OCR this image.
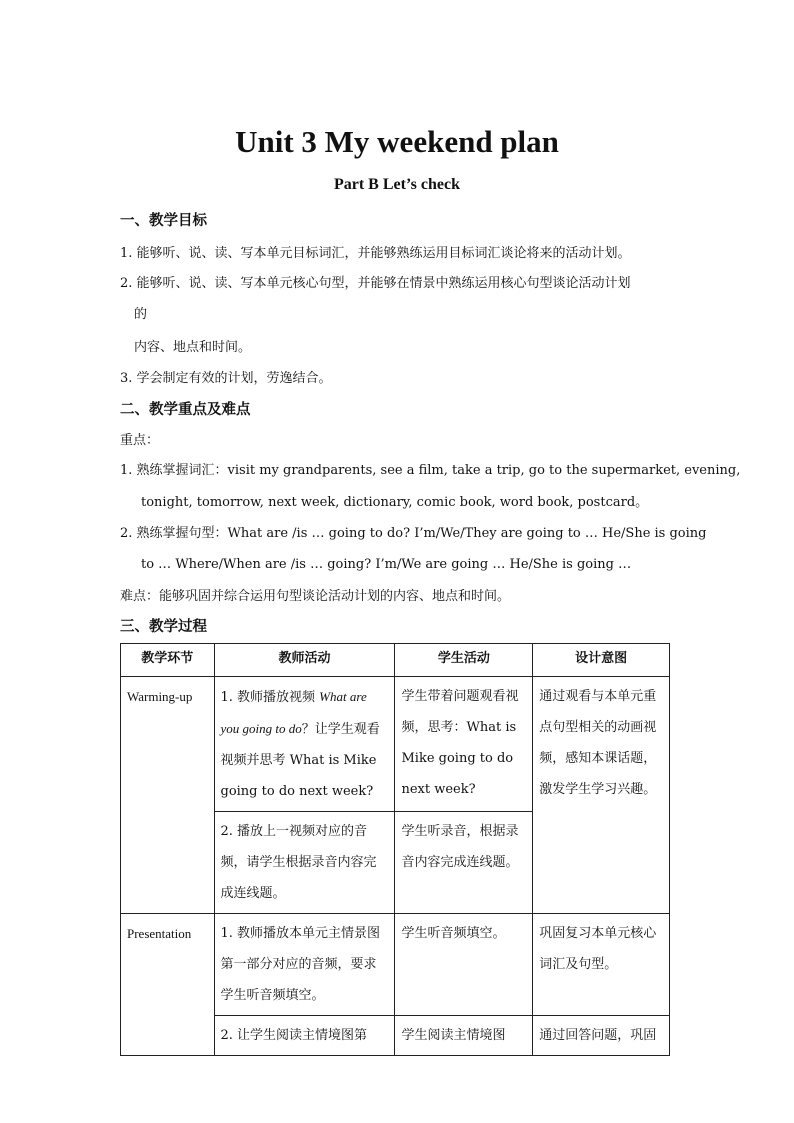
Unit 3 My weekend plan
Part B Let’s check
一、教学目标
1. 能够听、说、读、写本单元目标词汇，并能够熟练运用目标词汇谈论将来的活动计划。
2. 能够听、说、读、写本单元核心句型，并能够在情景中熟练运用核心句型谈论活动计划
的
内容、地点和时间。
3. 学会制定有效的计划，劳逸结合。
二、教学重点及难点
重点：
1. 熟练掌握词汇：visit my grandparents, see a film, take a trip, go to the supermarket, evening,
tonight, tomorrow, next week, dictionary, comic book, word book, postcard。
2. 熟练掌握句型：What are /is … going to do? I’m/We/They are going to … He/She is going
to … Where/When are /is … going? I’m/We are going … He/She is going …
难点：能够巩固并综合运用句型谈论活动计划的内容、地点和时间。
三、教学过程
教学环节	教师活动	学生活动	设计意图
Warming-up	1. 教师播放视频 What are you going to do？让学生观看视频并思考 What is Mike going to do next week?	学生带着问题观看视频，思考：What is Mike going to do next week?	通过观看与本单元重点句型相关的动画视频，感知本课话题，激发学生学习兴趣。
	2. 播放上一视频对应的音频，请学生根据录音内容完成连线题。	学生听录音，根据录音内容完成连线题。	
Presentation	1. 教师播放本单元主情景图第一部分对应的音频，要求学生听音频填空。	学生听音频填空。	巩固复习本单元核心词汇及句型。
	2. 让学生阅读主情境图第	学生阅读主情境图	通过回答问题，巩固
